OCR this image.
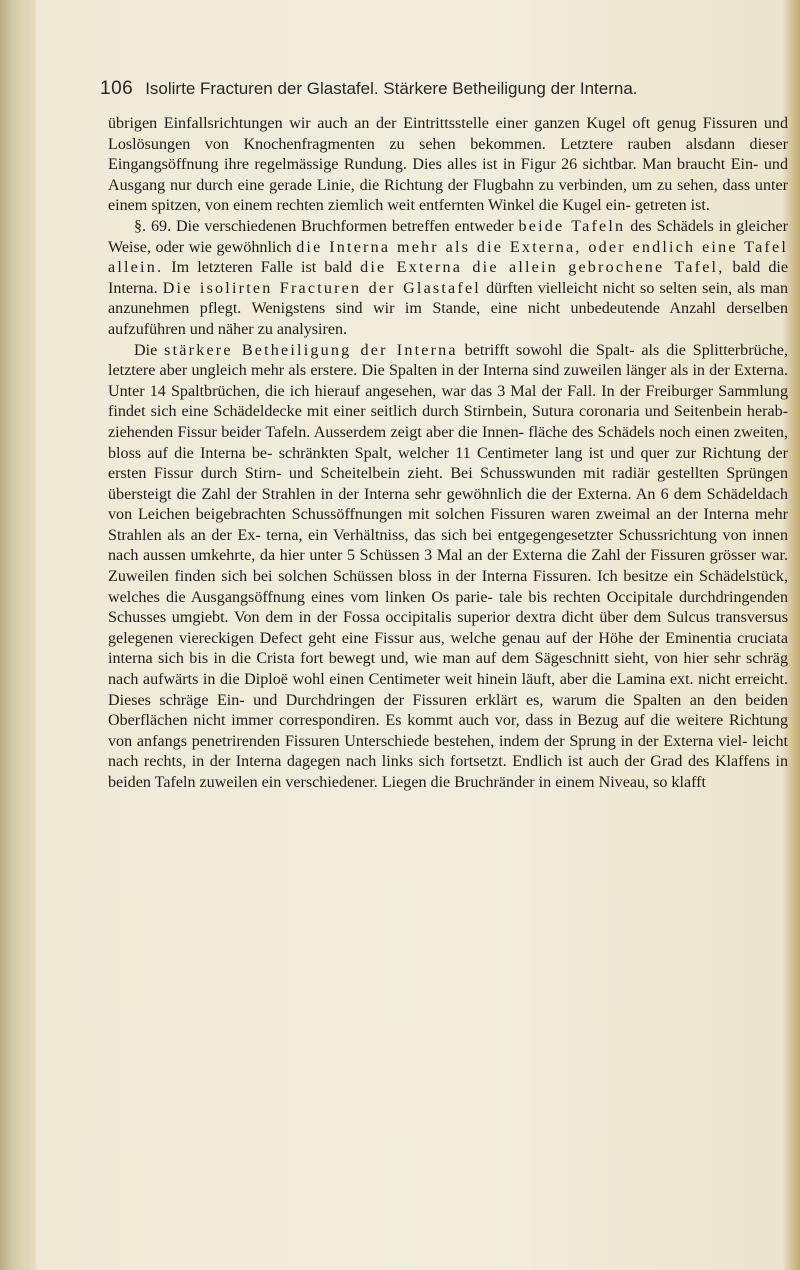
106 Isolirte Fracturen der Glastafel. Stärkere Betheiligung der Interna.

übrigen Einfallsrichtungen wir auch an der Eintrittsstelle einer ganzen Kugel oft genug Fissuren und Loslösungen von Knochenfragmenten zu sehen bekommen. Letztere rauben alsdann dieser Eingangsöffnung ihre regelmässige Rundung. Dies alles ist in Figur 26 sichtbar. Man braucht Ein- und Ausgang nur durch eine gerade Linie, die Richtung der Flugbahn zu verbinden, um zu sehen, dass unter einem spitzen, von einem rechten ziemlich weit entfernten Winkel die Kugel ein- getreten ist.

§. 69. Die verschiedenen Bruchformen betreffen entweder beide Tafeln des Schädels in gleicher Weise, oder wie gewöhnlich die Interna mehr als die Externa, oder endlich eine Tafel allein. Im letzteren Falle ist bald die Externa die allein gebrochene Tafel, bald die Interna. Die isolirten Fracturen der Glastafel dürften vielleicht nicht so selten sein, als man anzunehmen pflegt. Wenigstens sind wir im Stande, eine nicht unbedeutende Anzahl derselben aufzuführen und näher zu analysiren.

Die stärkere Betheiligung der Interna betrifft sowohl die Spalt- als die Splitterbrüche, letztere aber ungleich mehr als erstere. Die Spalten in der Interna sind zuweilen länger als in der Externa. Unter 14 Spaltbrüchen, die ich hierauf angesehen, war das 3 Mal der Fall. In der Freiburger Sammlung findet sich eine Schädeldecke mit einer seitlich durch Stirnbein, Sutura coronaria und Seitenbein herab- ziehenden Fissur beider Tafeln. Ausserdem zeigt aber die Innen- fläche des Schädels noch einen zweiten, bloss auf die Interna be- schränkten Spalt, welcher 11 Centimeter lang ist und quer zur Richtung der ersten Fissur durch Stirn- und Scheitelbein zieht. Bei Schusswunden mit radiär gestellten Sprüngen übersteigt die Zahl der Strahlen in der Interna sehr gewöhnlich die der Externa. An 6 dem Schädeldach von Leichen beigebrachten Schussöffnungen mit solchen Fissuren waren zweimal an der Interna mehr Strahlen als an der Ex- terna, ein Verhältniss, das sich bei entgegengesetzter Schussrichtung von innen nach aussen umkehrte, da hier unter 5 Schüssen 3 Mal an der Externa die Zahl der Fissuren grösser war. Zuweilen finden sich bei solchen Schüssen bloss in der Interna Fissuren. Ich besitze ein Schädelstück, welches die Ausgangsöffnung eines vom linken Os parie- tale bis rechten Occipitale durchdringenden Schusses umgiebt. Von dem in der Fossa occipitalis superior dextra dicht über dem Sulcus transversus gelegenen viereckigen Defect geht eine Fissur aus, welche genau auf der Höhe der Eminentia cruciata interna sich bis in die Crista fort bewegt und, wie man auf dem Sägeschnitt sieht, von hier sehr schräg nach aufwärts in die Diploë wohl einen Centimeter weit hinein läuft, aber die Lamina ext. nicht erreicht. Dieses schräge Ein- und Durchdringen der Fissuren erklärt es, warum die Spalten an den beiden Oberflächen nicht immer correspondiren. Es kommt auch vor, dass in Bezug auf die weitere Richtung von anfangs penetrirenden Fissuren Unterschiede bestehen, indem der Sprung in der Externa viel- leicht nach rechts, in der Interna dagegen nach links sich fortsetzt. Endlich ist auch der Grad des Klaffens in beiden Tafeln zuweilen ein verschiedener. Liegen die Bruchränder in einem Niveau, so klafft
